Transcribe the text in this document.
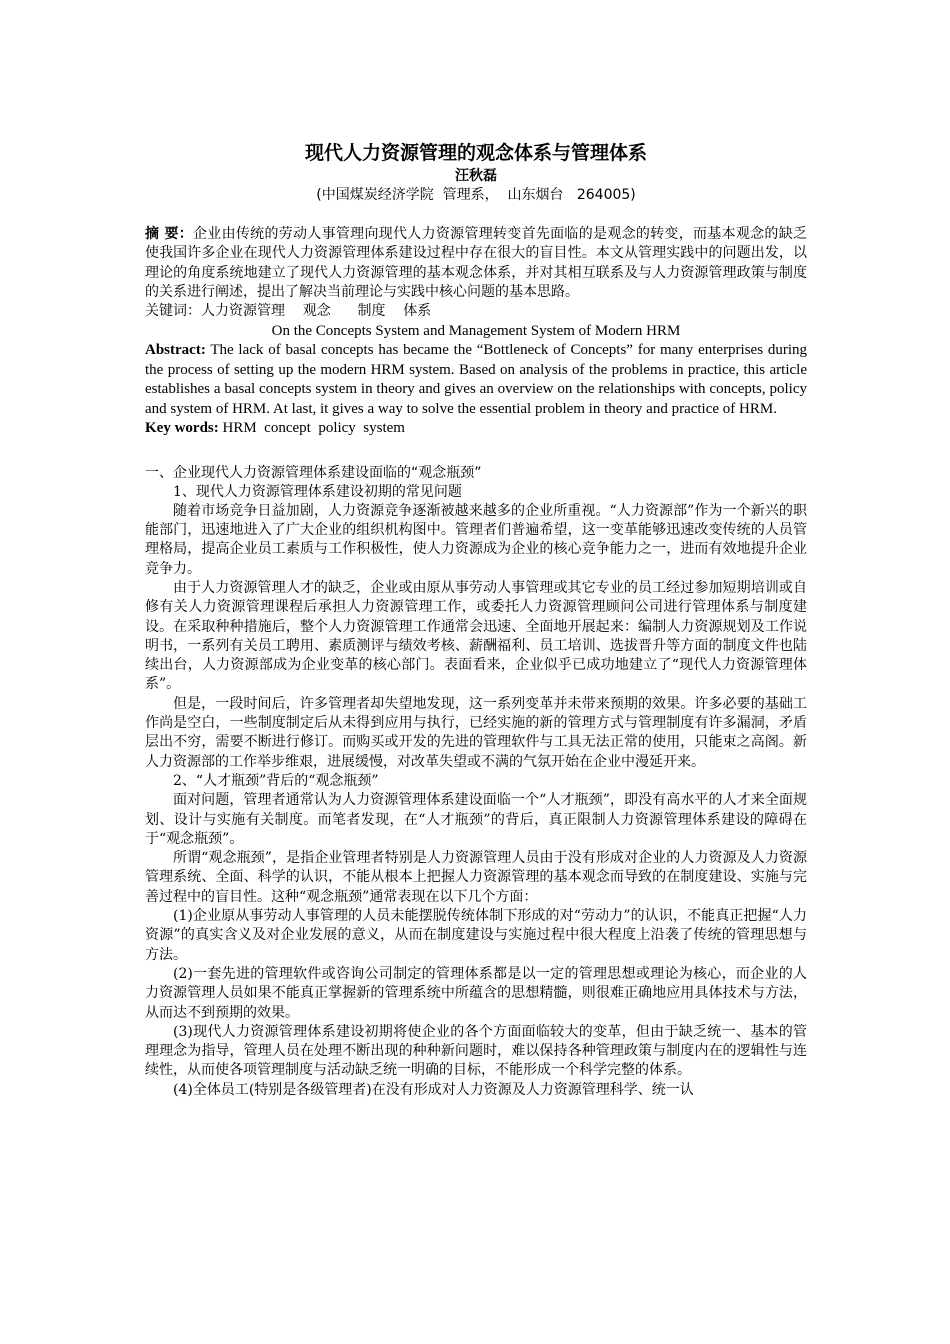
现代人力资源管理的观念体系与管理体系
汪秋磊
(中国煤炭经济学院  管理系，  山东烟台   264005)
摘 要：企业由传统的劳动人事管理向现代人力资源管理转变首先面临的是观念的转变，而基本观念的缺乏使我国许多企业在现代人力资源管理体系建设过程中存在很大的盲目性。本文从管理实践中的问题出发，以理论的角度系统地建立了现代人力资源管理的基本观念体系，并对其相互联系及与人力资源管理政策与制度的关系进行阐述，提出了解决当前理论与实践中核心问题的基本思路。
关键词：人力资源管理    观念      制度    体系
On the Concepts System and Management System of Modern HRM
Abstract: The lack of basal concepts has became the “Bottleneck of Concepts” for many enterprises during the process of setting up the modern HRM system. Based on analysis of the problems in practice, this article establishes a basal concepts system in theory and gives an overview on the relationships with concepts, policy and system of HRM. At last, it gives a way to solve the essential problem in theory and practice of HRM.
Key words: HRM  concept  policy  system
一、企业现代人力资源管理体系建设面临的“观念瓶颈”

1、现代人力资源管理体系建设初期的常见问题

随着市场竞争日益加剧，人力资源竞争逐渐被越来越多的企业所重视。“人力资源部”作为一个新兴的职能部门，迅速地进入了广大企业的组织机构图中。管理者们普遍希望，这一变革能够迅速改变传统的人员管理格局，提高企业员工素质与工作积极性，使人力资源成为企业的核心竞争能力之一，进而有效地提升企业竞争力。

由于人力资源管理人才的缺乏，企业或由原从事劳动人事管理或其它专业的员工经过参加短期培训或自修有关人力资源管理课程后承担人力资源管理工作，或委托人力资源管理顾问公司进行管理体系与制度建设。在采取种种措施后，整个人力资源管理工作通常会迅速、全面地开展起来：编制人力资源规划及工作说明书，一系列有关员工聘用、素质测评与绩效考核、薪酬福利、员工培训、选拔晋升等方面的制度文件也陆续出台，人力资源部成为企业变革的核心部门。表面看来，企业似乎已成功地建立了“现代人力资源管理体系”。

但是，一段时间后，许多管理者却失望地发现，这一系列变革并未带来预期的效果。许多必要的基础工作尚是空白，一些制度制定后从未得到应用与执行，已经实施的新的管理方式与管理制度有许多漏洞，矛盾层出不穷，需要不断进行修订。而购买或开发的先进的管理软件与工具无法正常的使用，只能束之高阁。新人力资源部的工作举步维艰，进展缓慢，对改革失望或不满的气氛开始在企业中漫延开来。

2、“人才瓶颈”背后的“观念瓶颈”

面对问题，管理者通常认为人力资源管理体系建设面临一个“人才瓶颈”，即没有高水平的人才来全面规划、设计与实施有关制度。而笔者发现，在“人才瓶颈”的背后，真正限制人力资源管理体系建设的障碍在于“观念瓶颈”。

所谓“观念瓶颈”，是指企业管理者特别是人力资源管理人员由于没有形成对企业的人力资源及人力资源管理系统、全面、科学的认识，不能从根本上把握人力资源管理的基本观念而导致的在制度建设、实施与完善过程中的盲目性。这种“观念瓶颈”通常表现在以下几个方面：

(1)企业原从事劳动人事管理的人员未能摆脱传统体制下形成的对“劳动力”的认识，不能真正把握“人力资源”的真实含义及对企业发展的意义，从而在制度建设与实施过程中很大程度上沿袭了传统的管理思想与方法。

(2)一套先进的管理软件或咨询公司制定的管理体系都是以一定的管理思想或理论为核心，而企业的人力资源管理人员如果不能真正掌握新的管理系统中所蕴含的思想精髓，则很难正确地应用具体技术与方法，从而达不到预期的效果。

(3)现代人力资源管理体系建设初期将使企业的各个方面面临较大的变革，但由于缺乏统一、基本的管理理念为指导，管理人员在处理不断出现的种种新问题时，难以保持各种管理政策与制度内在的逻辑性与连续性，从而使各项管理制度与活动缺乏统一明确的目标，不能形成一个科学完整的体系。

(4)全体员工(特别是各级管理者)在没有形成对人力资源及人力资源管理科学、统一认
